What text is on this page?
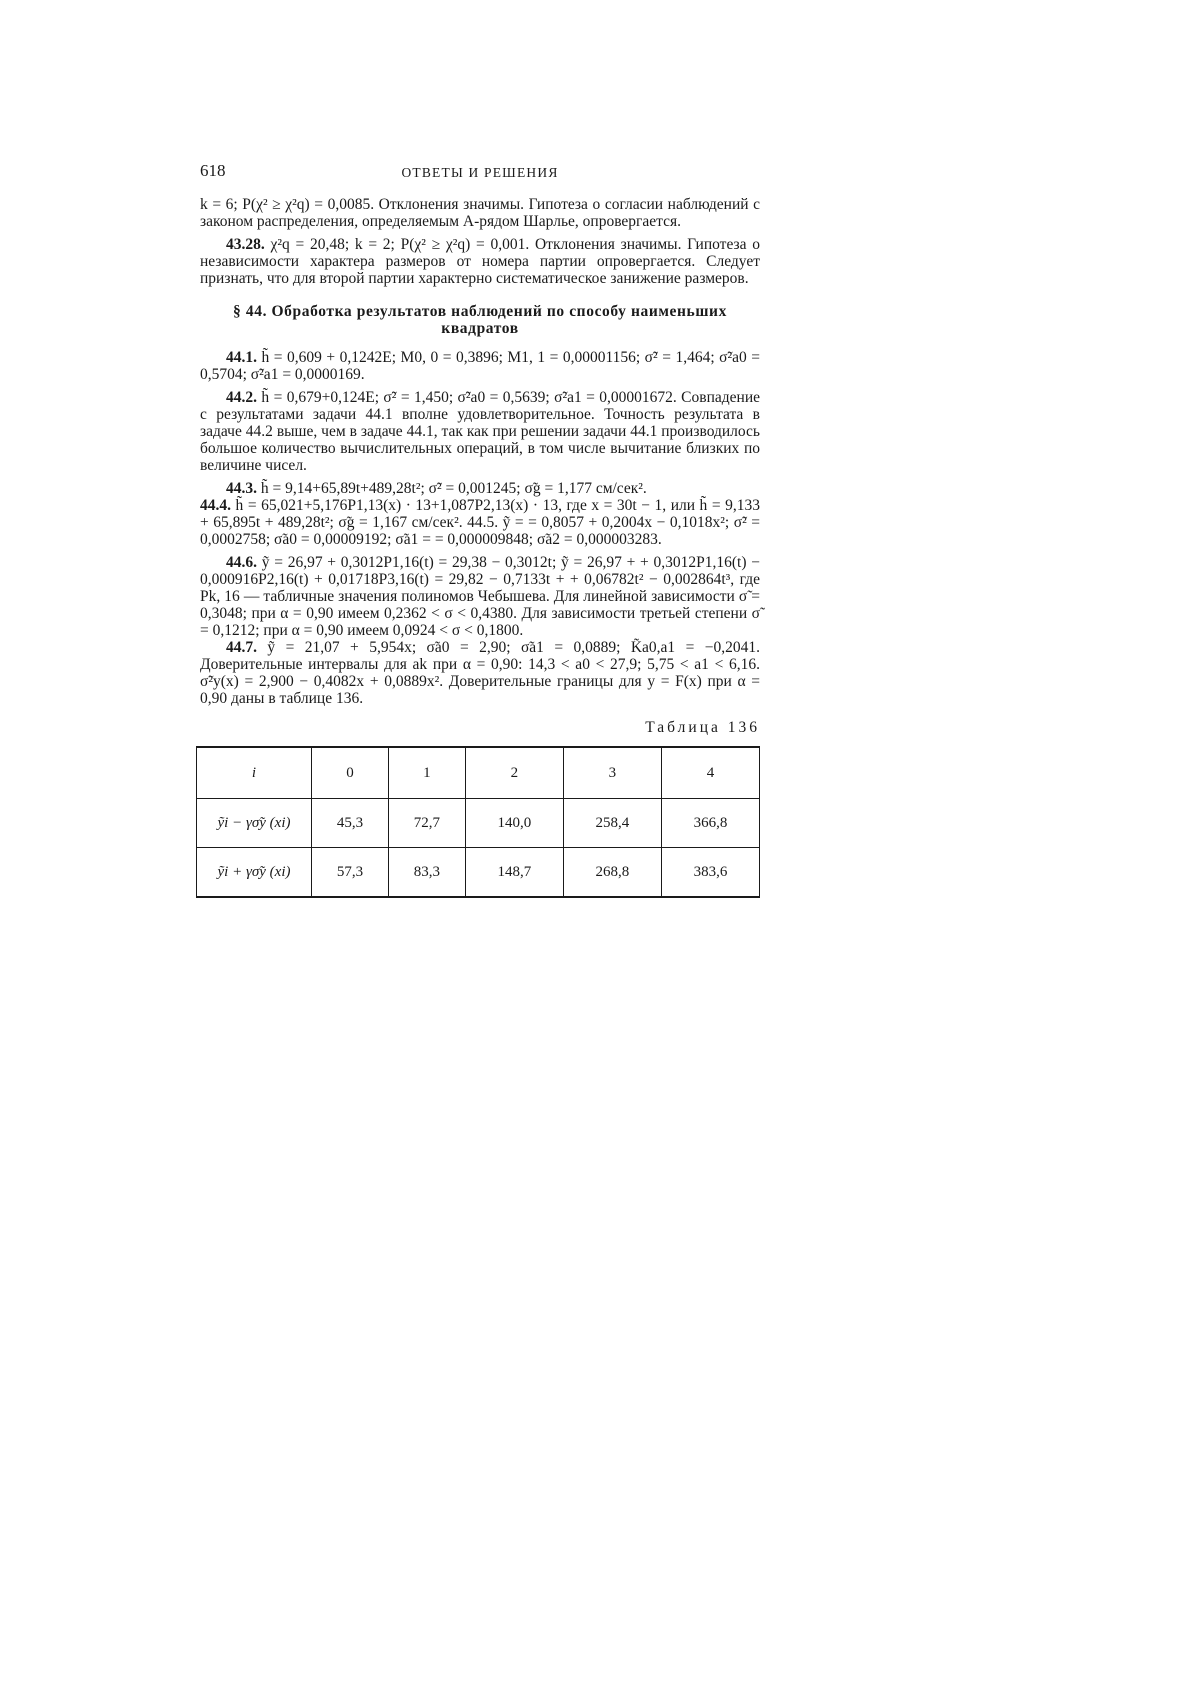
618	ОТВЕТЫ И РЕШЕНИЯ

k = 6; P(χ² ≥ χ²q) = 0,0085. Отклонения значимы. Гипотеза о согласии наблюдений с законом распределения, определяемым A-рядом Шарлье, опровергается.

43.28. χ²q = 20,48; k = 2; P(χ² ≥ χ²q) = 0,001. Отклонения значимы. Гипотеза о независимости характера размеров от номера партии опровергается. Следует признать, что для второй партии характерно систематическое занижение размеров.

§ 44. Обработка результатов наблюдений по способу наименьших квадратов

44.1. h̃ = 0,609 + 0,1242E; M0, 0 = 0,3896; M1, 1 = 0,00001156; σ̃² = 1,464; σ̃²a0 = 0,5704; σ̃²a1 = 0,0000169.

44.2. h̃ = 0,679+0,124E; σ̃² = 1,450; σ̃²a0 = 0,5639; σ̃²a1 = 0,00001672. Совпадение с результатами задачи 44.1 вполне удовлетворительное. Точность результата в задаче 44.2 выше, чем в задаче 44.1, так как при решении задачи 44.1 производилось большое количество вычислительных операций, в том числе вычитание близких по величине чисел.

44.3. h̃ = 9,14+65,89t+489,28t²; σ̃² = 0,001245; σ̃g = 1,177 см/сек².

44.4. h̃ = 65,021+5,176P1,13(x) · 13+1,087P2,13(x) · 13, где x = 30t − 1, или h̃ = 9,133 + 65,895t + 489,28t²; σ̃g = 1,167 см/сек². 44.5. ỹ = = 0,8057 + 0,2004x − 0,1018x²; σ̃² = 0,0002758; σ̃a0 = 0,00009192; σ̃a1 = = 0,000009848; σ̃a2 = 0,000003283.

44.6. ỹ = 26,97 + 0,3012P1,16(t) = 29,38 − 0,3012t; ỹ = 26,97 + + 0,3012P1,16(t) − 0,000916P2,16(t) + 0,01718P3,16(t) = 29,82 − 0,7133t + + 0,06782t² − 0,002864t³, где Pk, 16 — табличные значения полиномов Чебышева. Для линейной зависимости σ̃ = 0,3048; при α = 0,90 имеем 0,2362 < σ < 0,4380. Для зависимости третьей степени σ̃ = 0,1212; при α = 0,90 имеем 0,0924 < σ < 0,1800.

44.7. ỹ = 21,07 + 5,954x; σ̃a0 = 2,90; σ̃a1 = 0,0889; K̃a0,a1 = −0,2041. Доверительные интервалы для ak при α = 0,90: 14,3 < a0 < 27,9; 5,75 < a1 < 6,16. σ̃²y(x) = 2,900 − 0,4082x + 0,0889x². Доверительные границы для y = F(x) при α = 0,90 даны в таблице 136.

Таблица 136
i	0	1	2	3	4
ỹi − γσ̃y (xi)	45,3	72,7	140,0	258,4	366,8
ỹi + γσ̃y (xi)	57,3	83,3	148,7	268,8	383,6
